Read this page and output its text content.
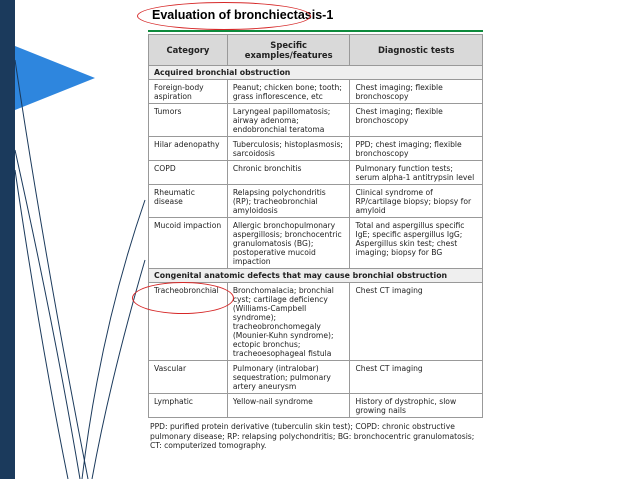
Evaluation of bronchiectasis-1
Category	Specific examples/features	Diagnostic tests
Acquired bronchial obstruction		
Foreign-body aspiration	Peanut; chicken bone; tooth; grass inflorescence, etc	Chest imaging; flexible bronchoscopy
Tumors	Laryngeal papillomatosis; airway adenoma; endobronchial teratoma	Chest imaging; flexible bronchoscopy
Hilar adenopathy	Tuberculosis; histoplasmosis; sarcoidosis	PPD; chest imaging; flexible bronchoscopy
COPD	Chronic bronchitis	Pulmonary function tests; serum alpha-1 antitrypsin level
Rheumatic disease	Relapsing polychondritis (RP); tracheobronchial amyloidosis	Clinical syndrome of RP/cartilage biopsy; biopsy for amyloid
Mucoid impaction	Allergic bronchopulmonary aspergillosis; bronchocentric granulomatosis (BG); postoperative mucoid impaction	Total and aspergillus specific IgE; specific aspergillus IgG; Aspergillus skin test; chest imaging; biopsy for BG
Congenital anatomic defects that may cause bronchial obstruction		
Tracheobronchial	Bronchomalacia; bronchial cyst; cartilage deficiency (Williams-Campbell syndrome); tracheobronchomegaly (Mounier-Kuhn syndrome); ectopic bronchus; tracheoesophageal fistula	Chest CT imaging
Vascular	Pulmonary (intralobar) sequestration; pulmonary artery aneurysm	Chest CT imaging
Lymphatic	Yellow-nail syndrome	History of dystrophic, slow growing nails
PPD: purified protein derivative (tuberculin skin test); COPD: chronic obstructive pulmonary disease; RP: relapsing polychondritis; BG: bronchocentric granulomatosis; CT: computerized tomography.
